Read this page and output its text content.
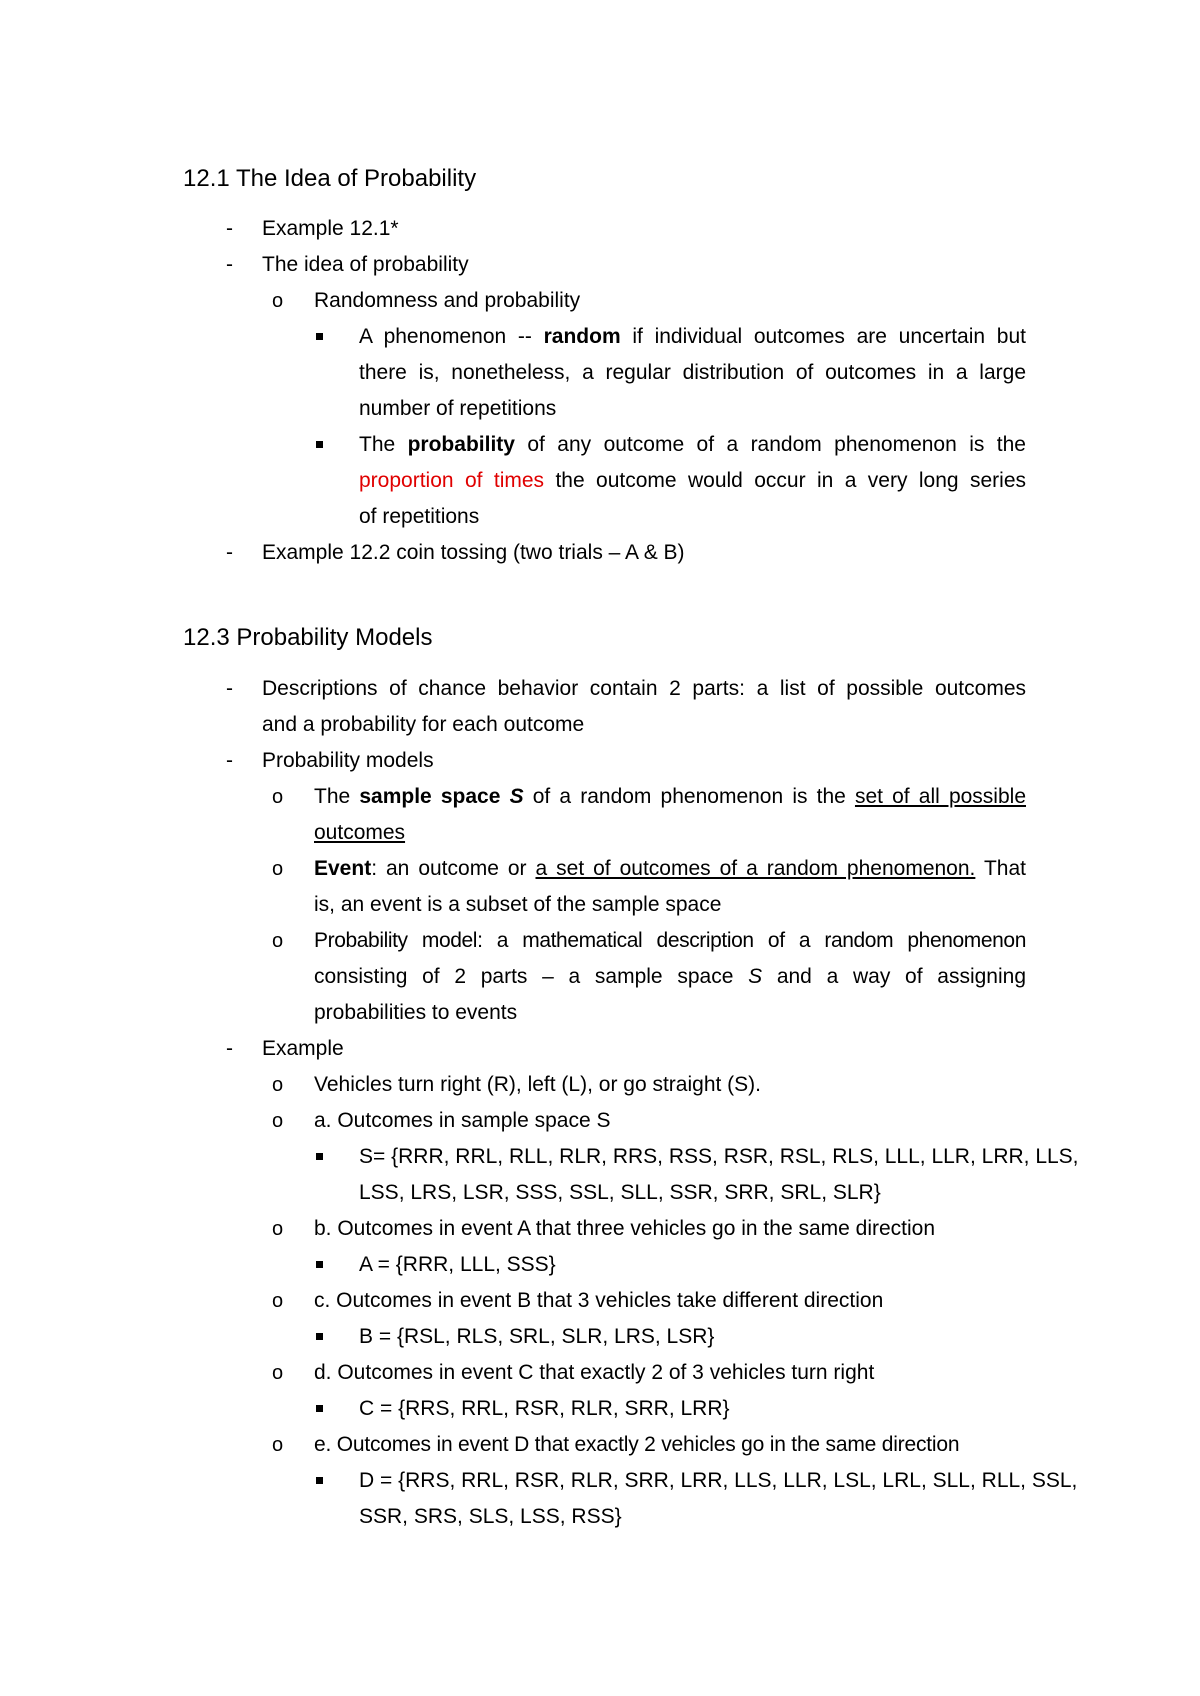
12.1 The Idea of Probability
- Example 12.1*
- The idea of probability
o Randomness and probability
A phenomenon -- random if individual outcomes are uncertain but
there is, nonetheless, a regular distribution of outcomes in a large
number of repetitions
The probability of any outcome of a random phenomenon is the
proportion of times the outcome would occur in a very long series
of repetitions
- Example 12.2 coin tossing (two trials – A & B)
12.3 Probability Models
- Descriptions of chance behavior contain 2 parts: a list of possible outcomes
and a probability for each outcome
- Probability models
o The sample space S of a random phenomenon is the set of all possible
outcomes
o Event: an outcome or a set of outcomes of a random phenomenon. That
is, an event is a subset of the sample space
o Probability model: a mathematical description of a random phenomenon
consisting of 2 parts – a sample space S and a way of assigning
probabilities to events
- Example
o Vehicles turn right (R), left (L), or go straight (S).
o a. Outcomes in sample space S
S= {RRR, RRL, RLL, RLR, RRS, RSS, RSR, RSL, RLS, LLL, LLR, LRR, LLS,
LSS, LRS, LSR, SSS, SSL, SLL, SSR, SRR, SRL, SLR}
o b. Outcomes in event A that three vehicles go in the same direction
A = {RRR, LLL, SSS}
o c. Outcomes in event B that 3 vehicles take different direction
B = {RSL, RLS, SRL, SLR, LRS, LSR}
o d. Outcomes in event C that exactly 2 of 3 vehicles turn right
C = {RRS, RRL, RSR, RLR, SRR, LRR}
o e. Outcomes in event D that exactly 2 vehicles go in the same direction
D = {RRS, RRL, RSR, RLR, SRR, LRR, LLS, LLR, LSL, LRL, SLL, RLL, SSL,
SSR, SRS, SLS, LSS, RSS}
